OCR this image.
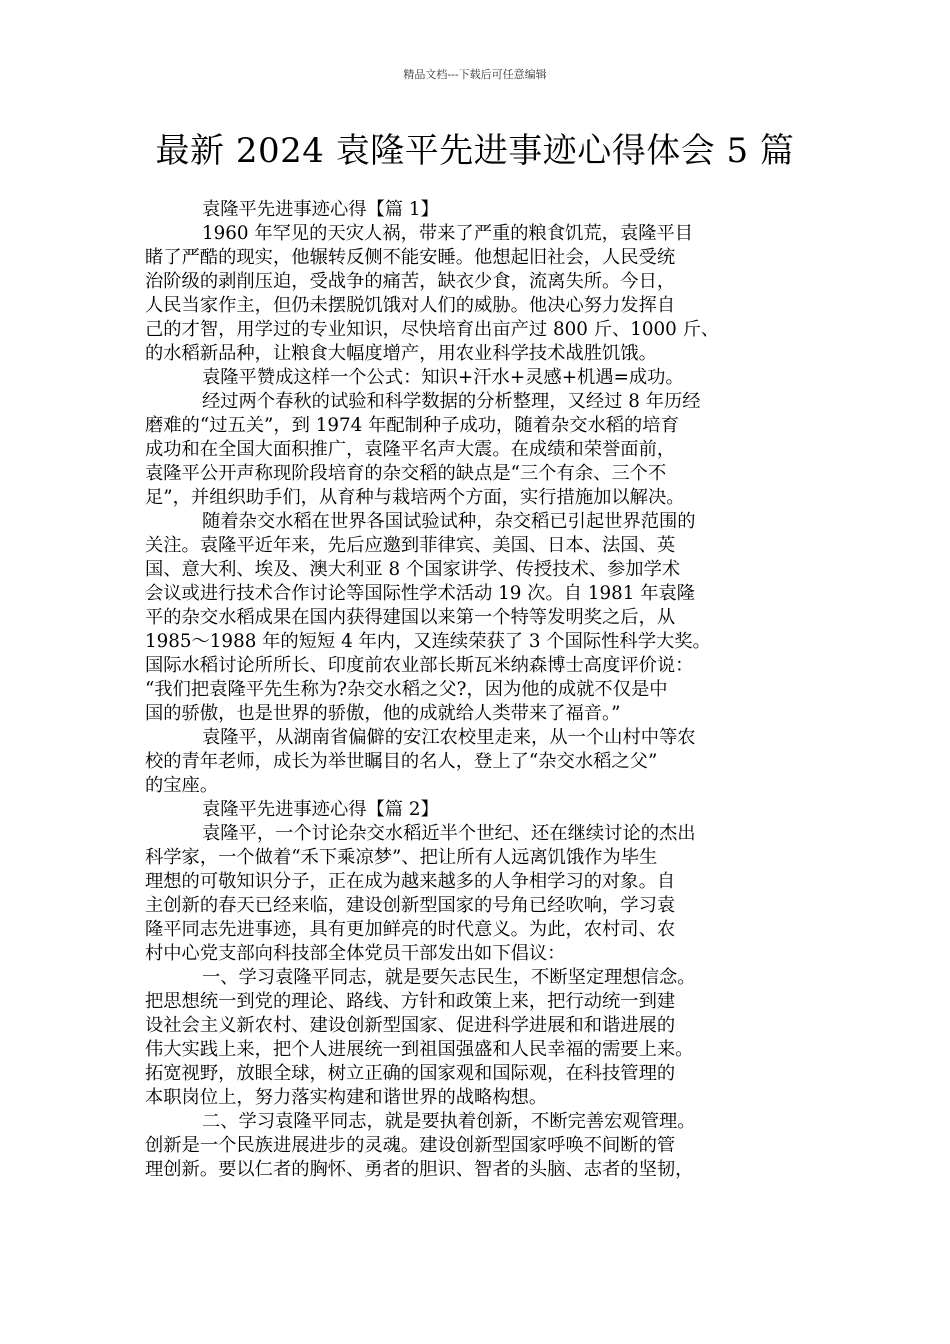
精品文档---下载后可任意编辑
最新 2024 袁隆平先进事迹心得体会 5 篇
袁隆平先进事迹心得【篇 1】
1960 年罕见的天灾人祸，带来了严重的粮食饥荒，袁隆平目
睹了严酷的现实，他辗转反侧不能安睡。他想起旧社会，人民受统
治阶级的剥削压迫，受战争的痛苦，缺衣少食，流离失所。今日，
人民当家作主，但仍未摆脱饥饿对人们的威胁。他决心努力发挥自
己的才智，用学过的专业知识，尽快培育出亩产过 800 斤、1000 斤、
的水稻新品种，让粮食大幅度增产，用农业科学技术战胜饥饿。
袁隆平赞成这样一个公式：知识+汗水+灵感+机遇=成功。
经过两个春秋的试验和科学数据的分析整理，又经过 8 年历经
磨难的“过五关”，到 1974 年配制种子成功，随着杂交水稻的培育
成功和在全国大面积推广，袁隆平名声大震。在成绩和荣誉面前，
袁隆平公开声称现阶段培育的杂交稻的缺点是“三个有余、三个不
足”，并组织助手们，从育种与栽培两个方面，实行措施加以解决。
随着杂交水稻在世界各国试验试种，杂交稻已引起世界范围的
关注。袁隆平近年来，先后应邀到菲律宾、美国、日本、法国、英
国、意大利、埃及、澳大利亚 8 个国家讲学、传授技术、参加学术
会议或进行技术合作讨论等国际性学术活动 19 次。自 1981 年袁隆
平的杂交水稻成果在国内获得建国以来第一个特等发明奖之后，从
1985～1988 年的短短 4 年内，又连续荣获了 3 个国际性科学大奖。
国际水稻讨论所所长、印度前农业部长斯瓦米纳森博士高度评价说：
“我们把袁隆平先生称为?杂交水稻之父?，因为他的成就不仅是中
国的骄傲，也是世界的骄傲，他的成就给人类带来了福音。”
袁隆平，从湖南省偏僻的安江农校里走来，从一个山村中等农
校的青年老师，成长为举世瞩目的名人，登上了“杂交水稻之父”
的宝座。
袁隆平先进事迹心得【篇 2】
袁隆平，一个讨论杂交水稻近半个世纪、还在继续讨论的杰出
科学家，一个做着“禾下乘凉梦”、把让所有人远离饥饿作为毕生
理想的可敬知识分子，正在成为越来越多的人争相学习的对象。自
主创新的春天已经来临，建设创新型国家的号角已经吹响，学习袁
隆平同志先进事迹，具有更加鲜亮的时代意义。为此，农村司、农
村中心党支部向科技部全体党员干部发出如下倡议：
一、学习袁隆平同志，就是要矢志民生，不断坚定理想信念。
把思想统一到党的理论、路线、方针和政策上来，把行动统一到建
设社会主义新农村、建设创新型国家、促进科学进展和和谐进展的
伟大实践上来，把个人进展统一到祖国强盛和人民幸福的需要上来。
拓宽视野，放眼全球，树立正确的国家观和国际观，在科技管理的
本职岗位上，努力落实构建和谐世界的战略构想。
二、学习袁隆平同志，就是要执着创新，不断完善宏观管理。
创新是一个民族进展进步的灵魂。建设创新型国家呼唤不间断的管
理创新。要以仁者的胸怀、勇者的胆识、智者的头脑、志者的坚韧，
